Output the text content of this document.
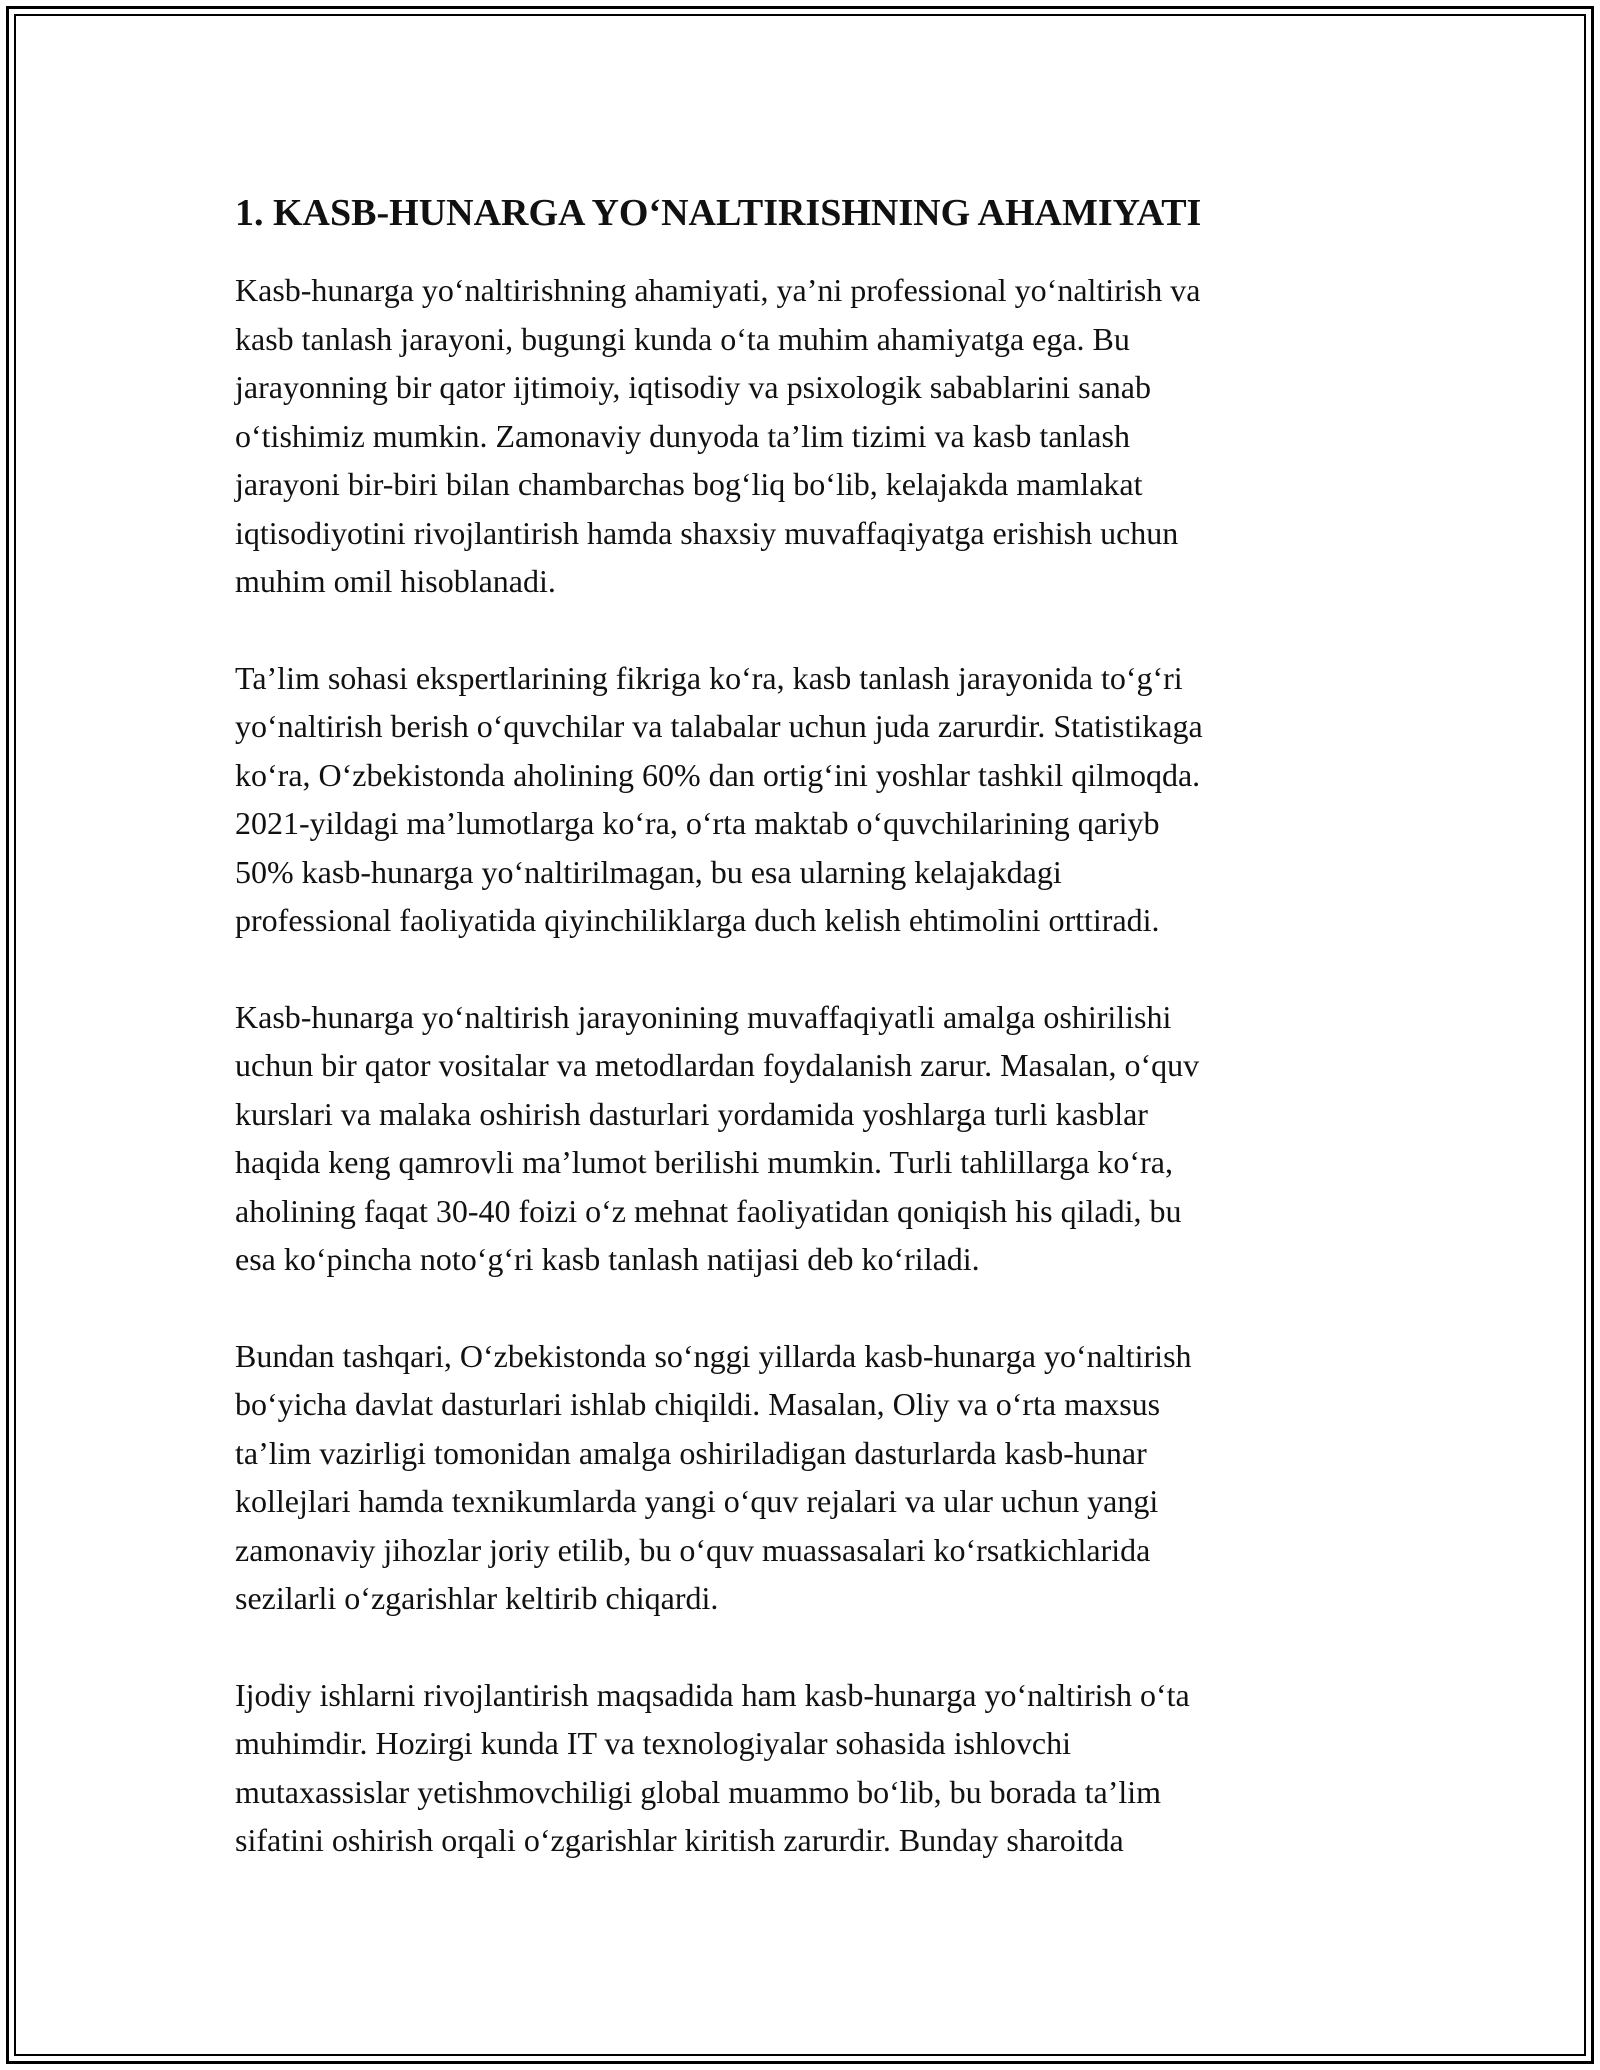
1. KASB-HUNARGA YO‘NALTIRISHNING AHAMIYATI

Kasb-hunarga yo‘naltirishning ahamiyati, ya’ni professional yo‘naltirish va
kasb tanlash jarayoni, bugungi kunda o‘ta muhim ahamiyatga ega. Bu
jarayonning bir qator ijtimoiy, iqtisodiy va psixologik sabablarini sanab
o‘tishimiz mumkin. Zamonaviy dunyoda ta’lim tizimi va kasb tanlash
jarayoni bir-biri bilan chambarchas bog‘liq bo‘lib, kelajakda mamlakat
iqtisodiyotini rivojlantirish hamda shaxsiy muvaffaqiyatga erishish uchun
muhim omil hisoblanadi.

Ta’lim sohasi ekspertlarining fikriga ko‘ra, kasb tanlash jarayonida to‘g‘ri
yo‘naltirish berish o‘quvchilar va talabalar uchun juda zarurdir. Statistikaga
ko‘ra, O‘zbekistonda aholining 60% dan ortig‘ini yoshlar tashkil qilmoqda.
2021-yildagi ma’lumotlarga ko‘ra, o‘rta maktab o‘quvchilarining qariyb
50% kasb-hunarga yo‘naltirilmagan, bu esa ularning kelajakdagi
professional faoliyatida qiyinchiliklarga duch kelish ehtimolini orttiradi.

Kasb-hunarga yo‘naltirish jarayonining muvaffaqiyatli amalga oshirilishi
uchun bir qator vositalar va metodlardan foydalanish zarur. Masalan, o‘quv
kurslari va malaka oshirish dasturlari yordamida yoshlarga turli kasblar
haqida keng qamrovli ma’lumot berilishi mumkin. Turli tahlillarga ko‘ra,
aholining faqat 30-40 foizi o‘z mehnat faoliyatidan qoniqish his qiladi, bu
esa ko‘pincha noto‘g‘ri kasb tanlash natijasi deb ko‘riladi.

Bundan tashqari, O‘zbekistonda so‘nggi yillarda kasb-hunarga yo‘naltirish
bo‘yicha davlat dasturlari ishlab chiqildi. Masalan, Oliy va o‘rta maxsus
ta’lim vazirligi tomonidan amalga oshiriladigan dasturlarda kasb-hunar
kollejlari hamda texnikumlarda yangi o‘quv rejalari va ular uchun yangi
zamonaviy jihozlar joriy etilib, bu o‘quv muassasalari ko‘rsatkichlarida
sezilarli o‘zgarishlar keltirib chiqardi.

Ijodiy ishlarni rivojlantirish maqsadida ham kasb-hunarga yo‘naltirish o‘ta
muhimdir. Hozirgi kunda IT va texnologiyalar sohasida ishlovchi
mutaxassislar yetishmovchiligi global muammo bo‘lib, bu borada ta’lim
sifatini oshirish orqali o‘zgarishlar kiritish zarurdir. Bunday sharoitda
